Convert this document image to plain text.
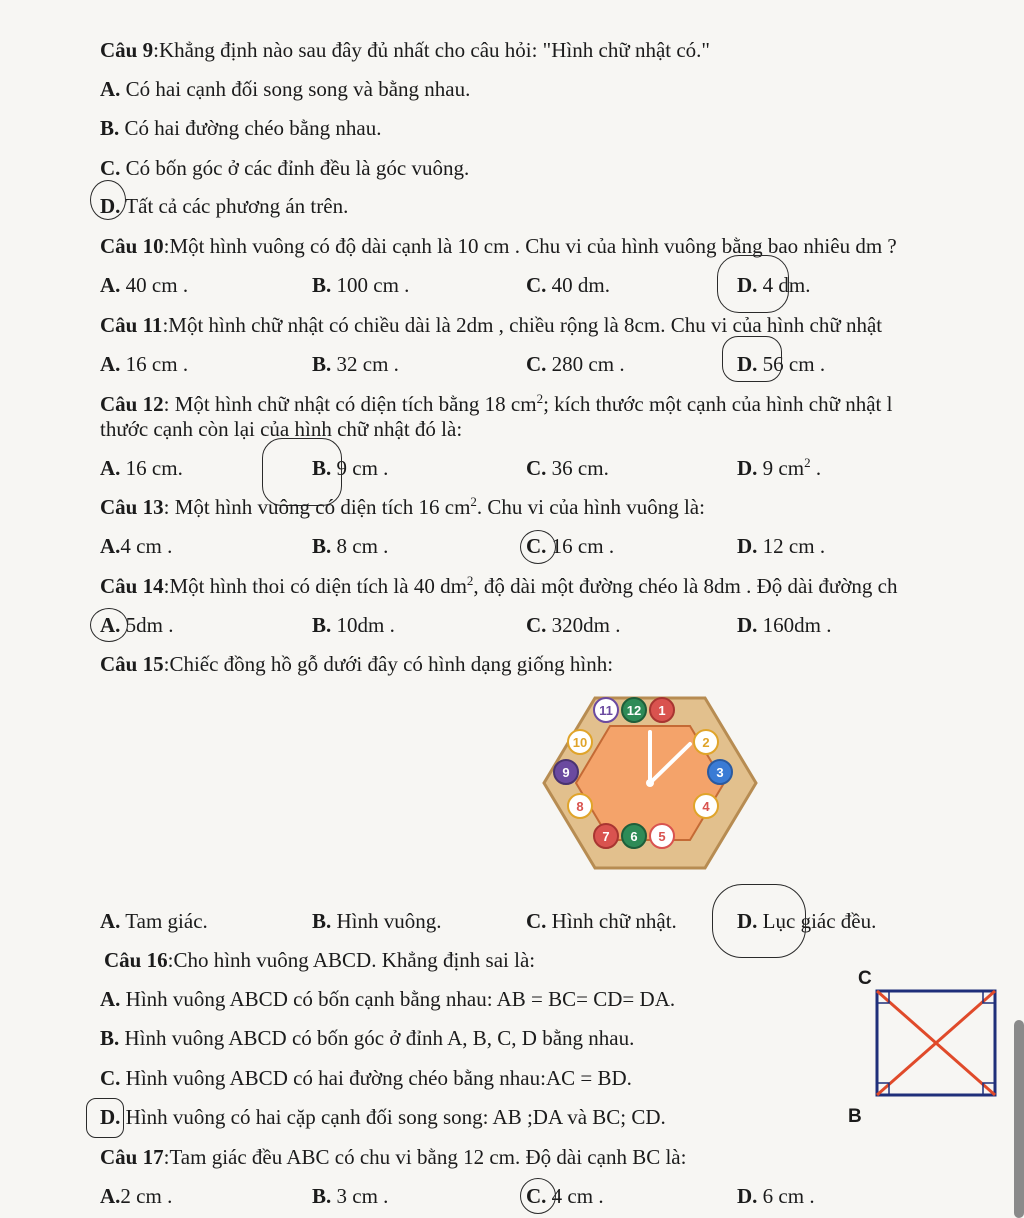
Câu 9:Khẳng định nào sau đây đủ nhất cho câu hỏi: "Hình chữ nhật có."
A. Có hai cạnh đối song song và bằng nhau.
B. Có hai đường chéo bằng nhau.
C. Có bốn góc ở các đỉnh đều là góc vuông.
D. Tất cả các phương án trên.
Câu 10:Một hình vuông có độ dài cạnh là 10 cm . Chu vi của hình vuông bằng bao nhiêu dm ?
A. 40 cm .	B. 100 cm .	C. 40 dm.	D. 4 dm.
Câu 11:Một hình chữ nhật có chiều dài là 2dm , chiều rộng là 8cm. Chu vi của hình chữ nhật
A. 16 cm .	B. 32 cm .	C. 280 cm .	D. 56 cm .
Câu 12: Một hình chữ nhật có diện tích bằng 18 $cm^2$; kích thước một cạnh của hình chữ nhật l
thước cạnh còn lại của hình chữ nhật đó là:
A. 16 cm.	B. 9 cm .	C. 36 cm.	D. 9 $cm^2$ .
Câu 13: Một hình vuông có diện tích 16 $cm^2$. Chu vi của hình vuông là:
A.4 cm .	B. 8 cm .	C. 16 cm .	D. 12 cm .
Câu 14:Một hình thoi có diện tích là 40 $dm^2$, độ dài một đường chéo là 8dm . Độ dài đường ch
A. 5dm .	B. 10dm .	C. 320dm .	D. 160dm .
Câu 15:Chiếc đồng hồ gỗ dưới đây có hình dạng giống hình:
11 12 1
10	2
9	3
8	4
7 6 5
A. Tam giác.	B. Hình vuông.	C. Hình chữ nhật.	D. Lục giác đều.
Câu 16:Cho hình vuông ABCD. Khẳng định sai là:
A. Hình vuông ABCD có bốn cạnh bằng nhau: AB = BC= CD= DA.
B. Hình vuông ABCD có bốn góc ở đỉnh A, B, C, D bằng nhau.
C. Hình vuông ABCD có hai đường chéo bằng nhau:AC = BD.
D. Hình vuông có hai cặp cạnh đối song song: AB ;DA và BC; CD.
C
B
Câu 17:Tam giác đều ABC có chu vi bằng 12 cm. Độ dài cạnh BC là:
A.2 cm .	B. 3 cm .	C. 4 cm .	D. 6 cm .
